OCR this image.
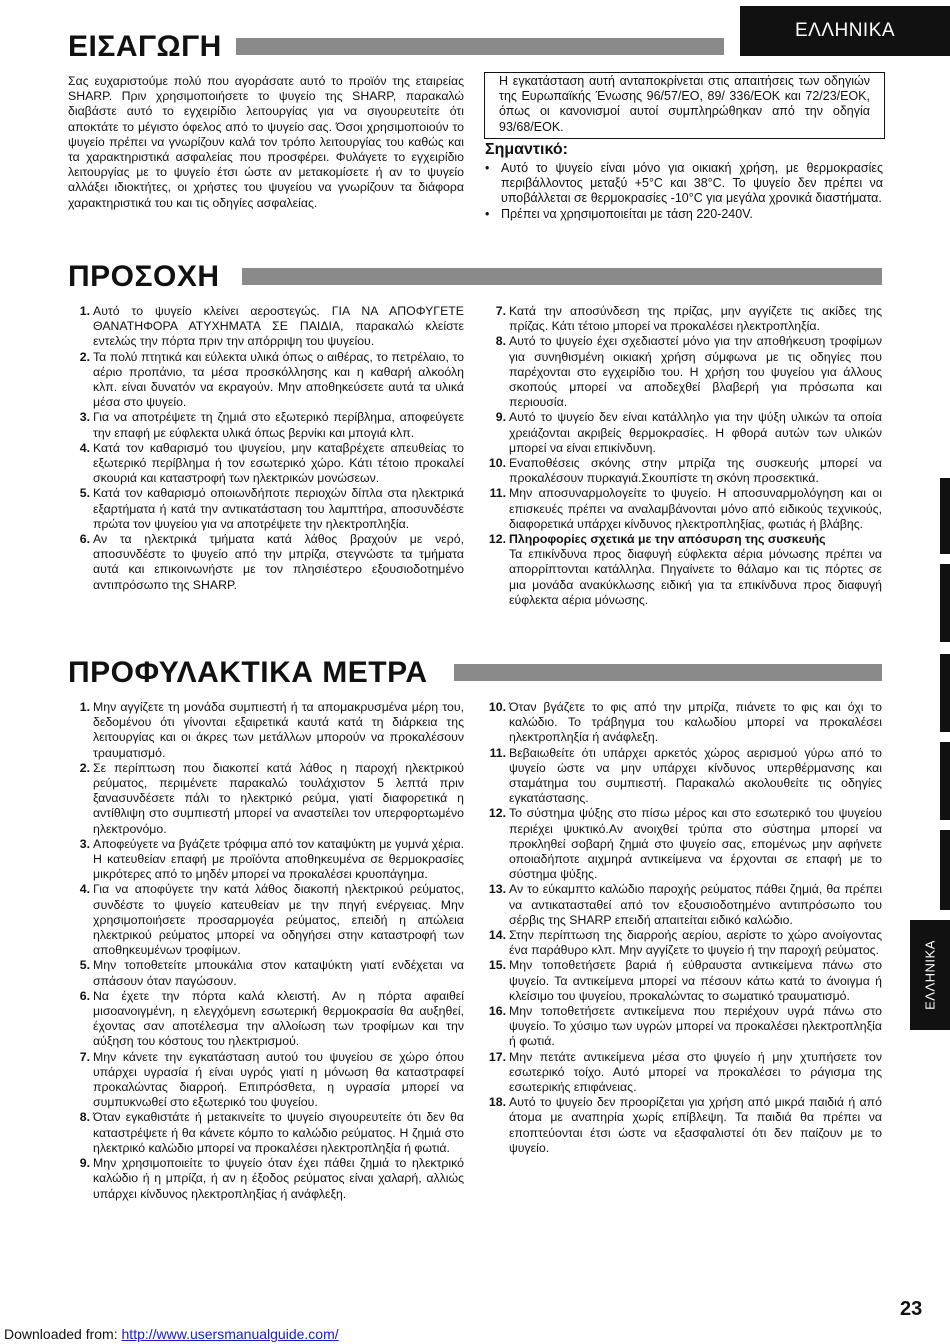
ΕΛΛΗΝΙΚΑ
ΕΙΣΑΓΩΓΗ

Σας ευχαριστούμε πολύ που αγοράσατε αυτό το προϊόν της εταιρείας SHARP. Πριν χρησιμοποιήσετε το ψυγείο της SHARP, παρακαλώ διαβάστε αυτό το εγχειρίδιο λειτουργίας για να σιγουρευτείτε ότι αποκτάτε το μέγιστο όφελος από το ψυγείο σας. Όσοι χρησιμοποιούν το ψυγείο πρέπει να γνωρίζουν καλά τον τρόπο λειτουργίας του καθώς και τα χαρακτηριστικά ασφαλείας που προσφέρει. Φυλάγετε το εγχειρίδιο λειτουργίας με το ψυγείο έτσι ώστε αν μετακομίσετε ή αν το ψυγείο αλλάξει ιδιοκτήτες, οι χρήστες του ψυγείου να γνωρίζουν τα διάφορα χαρακτηριστικά του και τις οδηγίες ασφαλείας.

Η εγκατάσταση αυτή ανταποκρίνεται στις απαιτήσεις των οδηγιών της Ευρωπαϊκής Ένωσης 96/57/EΟ, 89/ 336/EΟΚ και 72/23/EΟΚ, όπως οι κανονισμοί αυτοί συμπληρώθηκαν από την οδηγία 93/68/EΟΚ.
Σημαντικό:
• Αυτό το ψυγείο είναι μόνο για οικιακή χρήση, με θερμοκρασίες περιβάλλοντος μεταξύ +5°C και 38°C. Το ψυγείο δεν πρέπει να υποβάλλεται σε θερμοκρασίες -10°C για μεγάλα χρονικά διαστήματα.
• Πρέπει να χρησιμοποιείται με τάση 220-240V.
ΠΡΟΣΟΧΗ
1. Αυτό το ψυγείο κλείνει αεροστεγώς. ΓΙΑ ΝΑ ΑΠΟΦΥΓΕΤΕ ΘΑΝΑΤΗΦΟΡΑ ΑΤΥΧΗΜΑΤΑ ΣΕ ΠΑΙΔΙΑ, παρακαλώ κλείστε εντελώς την πόρτα πριν την απόρριψη του ψυγείου.
2. Τα πολύ πτητικά και εύλεκτα υλικά όπως ο αιθέρας, το πετρέλαιο, το αέριο προπάνιο, τα μέσα προσκόλλησης και η καθαρή αλκοόλη κλπ. είναι δυνατόν να εκραγούν. Μην αποθηκεύσετε αυτά τα υλικά μέσα στο ψυγείο.
3. Για να αποτρέψετε τη ζημιά στο εξωτερικό περίβλημα, αποφεύγετε την επαφή με εύφλεκτα υλικά όπως βερνίκι και μπογιά κλπ.
4. Κατά τον καθαρισμό του ψυγείου, μην καταβρέχετε απευθείας το εξωτερικό περίβλημα ή τον εσωτερικό χώρο. Κάτι τέτοιο προκαλεί σκουριά και καταστροφή των ηλεκτρικών μονώσεων.
5. Κατά τον καθαρισμό οποιωνδήποτε περιοχών δίπλα στα ηλεκτρικά εξαρτήματα ή κατά την αντικατάσταση του λαμπτήρα, αποσυνδέστε πρώτα τον ψυγείου για να αποτρέψετε την ηλεκτροπληξία.
6. Αν τα ηλεκτρικά τμήματα κατά λάθος βραχούν με νερό, αποσυνδέστε το ψυγείο από την μπρίζα, στεγνώστε τα τμήματα αυτά και επικοινωνήστε με τον πλησιέστερο εξουσιοδοτημένο αντιπρόσωπο της SHARP.
7. Κατά την αποσύνδεση της πρίζας, μην αγγίζετε τις ακίδες της πρίζας. Κάτι τέτοιο μπορεί να προκαλέσει ηλεκτροπληξία.
8. Αυτό το ψυγείο έχει σχεδιαστεί μόνο για την αποθήκευση τροφίμων για συνηθισμένη οικιακή χρήση σύμφωνα με τις οδηγίες που παρέχονται στο εγχειρίδιο του. Η χρήση του ψυγείου για άλλους σκοπούς μπορεί να αποδεχθεί βλαβερή για πρόσωπα και περιουσία.
9. Αυτό το ψυγείο δεν είναι κατάλληλο για την ψύξη υλικών τα οποία χρειάζονται ακριβείς θερμοκρασίες. Η φθορά αυτών των υλικών μπορεί να είναι επικίνδυνη.
10. Εναποθέσεις σκόνης στην μπρίζα της συσκευής μπορεί να προκαλέσουν πυρκαγιά.Σκουπίστε τη σκόνη προσεκτικά.
11. Μην αποσυναρμολογείτε το ψυγείο. Η αποσυναρμολόγηση και οι επισκευές πρέπει να αναλαμβάνονται μόνο από ειδικούς τεχνικούς, διαφορετικά υπάρχει κίνδυνος ηλεκτροπληξίας, φωτιάς ή βλάβης.
12. Πληροφορίες σχετικά με την απόσυρση της συσκευής
Τα επικίνδυνα προς διαφυγή εύφλεκτα αέρια μόνωσης πρέπει να απορρίπτονται κατάλληλα. Πηγαίνετε το θάλαμο και τις πόρτες σε μια μονάδα ανακύκλωσης ειδική για τα επικίνδυνα προς διαφυγή εύφλεκτα αέρια μόνωσης.
ΠΡΟΦΥΛΑΚΤΙΚΑ ΜΕΤΡΑ
1. Μην αγγίζετε τη μονάδα συμπιεστή ή τα απομακρυσμένα μέρη του, δεδομένου ότι γίνονται εξαιρετικά καυτά κατά τη διάρκεια της λειτουργίας και οι άκρες των μετάλλων μπορούν να προκαλέσουν τραυματισμό.
2. Σε περίπτωση που διακοπεί κατά λάθος η παροχή ηλεκτρικού ρεύματος, περιμένετε παρακαλώ τουλάχιστον 5 λεπτά πριν ξανασυνδέσετε πάλι το ηλεκτρικό ρεύμα, γιατί διαφορετικά η αντίθλιψη στο συμπιεστή μπορεί να αναστείλει τον υπερφορτωμένο ηλεκτρονόμο.
3. Αποφεύγετε να βγάζετε τρόφιμα από τον καταψύκτη με γυμνά χέρια. Η κατευθείαν επαφή με προϊόντα αποθηκευμένα σε θερμοκρασίες μικρότερες από το μηδέν μπορεί να προκαλέσει κρυοπάγημα.
4. Για να αποφύγετε την κατά λάθος διακοπή ηλεκτρικού ρεύματος, συνδέστε το ψυγείο κατευθείαν με την πηγή ενέργειας. Μην χρησιμοποιήσετε προσαρμογέα ρεύματος, επειδή η απώλεια ηλεκτρικού ρεύματος μπορεί να οδηγήσει στην καταστροφή των αποθηκευμένων τροφίμων.
5. Μην τοποθετείτε μπουκάλια στον καταψύκτη γιατί ενδέχεται να σπάσουν όταν παγώσουν.
6. Να έχετε την πόρτα καλά κλειστή. Αν η πόρτα αφαιθεί μισοανοιγμένη, η ελεγχόμενη εσωτερική θερμοκρασία θα αυξηθεί, έχοντας σαν αποτέλεσμα την αλλοίωση των τροφίμων και την αύξηση του κόστους του ηλεκτρισμού.
7. Μην κάνετε την εγκατάσταση αυτού του ψυγείου σε χώρο όπου υπάρχει υγρασία ή είναι υγρός γιατί η μόνωση θα καταστραφεί προκαλώντας διαρροή. Επιπρόσθετα, η υγρασία μπορεί να συμπυκνωθεί στο εξωτερικό του ψυγείου.
8. Όταν εγκαθιστάτε ή μετακινείτε το ψυγείο σιγουρευτείτε ότι δεν θα καταστρέψετε ή θα κάνετε κόμπο το καλώδιο ρεύματος. Η ζημιά στο ηλεκτρικό καλώδιο μπορεί να προκαλέσει ηλεκτροπληξία ή φωτιά.
9. Μην χρησιμοποιείτε το ψυγείο όταν έχει πάθει ζημιά το ηλεκτρικό καλώδιο ή η μπρίζα, ή αν η έξοδος ρεύματος είναι χαλαρή, αλλιώς υπάρχει κίνδυνος ηλεκτροπληξίας ή ανάφλεξη.
10. Όταν βγάζετε το φις από την μπρίζα, πιάνετε το φις και όχι το καλώδιο. Το τράβηγμα του καλωδίου μπορεί να προκαλέσει ηλεκτροπληξία ή ανάφλεξη.
11. Βεβαιωθείτε ότι υπάρχει αρκετός χώρος αερισμού γύρω από το ψυγείο ώστε να μην υπάρχει κίνδυνος υπερθέρμανσης και σταμάτημα του συμπιεστή. Παρακαλώ ακολουθείτε τις οδηγίες εγκατάστασης.
12. Το σύστημα ψύξης στο πίσω μέρος και στο εσωτερικό του ψυγείου περιέχει ψυκτικό.Αν ανοιχθεί τρύπα στο σύστημα μπορεί να προκληθεί σοβαρή ζημιά στο ψυγείο σας, επομένως μην αφήνετε οποιαδήποτε αιχμηρά αντικείμενα να έρχονται σε επαφή με το σύστημα ψύξης.
13. Αν το εύκαμπτο καλώδιο παροχής ρεύματος πάθει ζημιά, θα πρέπει να αντικατασταθεί από τον εξουσιοδοτημένο αντιπρόσωπο του σέρβις της SHARP επειδή απαιτείται ειδικό καλώδιο.
14. Στην περίπτωση της διαρροής αερίου, αερίστε το χώρο ανοίγοντας ένα παράθυρο κλπ. Μην αγγίζετε το ψυγείο ή την παροχή ρεύματος.
15. Μην τοποθετήσετε βαριά ή εύθραυστα αντικείμενα πάνω στο ψυγείο. Τα αντικείμενα μπορεί να πέσουν κάτω κατά το άνοιγμα ή κλείσιμο του ψυγείου, προκαλώντας το σωματικό τραυματισμό.
16. Μην τοποθετήσετε αντικείμενα που περιέχουν υγρά πάνω στο ψυγείο. Το χύσιμο των υγρών μπορεί να προκαλέσει ηλεκτροπληξία ή φωτιά.
17. Μην πετάτε αντικείμενα μέσα στο ψυγείο ή μην χτυπήσετε τον εσωτερικό τοίχο. Αυτό μπορεί να προκαλέσει το ράγισμα της εσωτερικής επιφάνειας.
18. Αυτό το ψυγείο δεν προορίζεται για χρήση από μικρά παιδιά ή από άτομα με αναπηρία χωρίς επίβλεψη. Τα παιδιά θα πρέπει να εποπτεύονται έτσι ώστε να εξασφαλιστεί ότι δεν παίζουν με το ψυγείο.
ΕΛΛΗΝΙΚΑ
23
Downloaded from: http://www.usersmanualguide.com/
